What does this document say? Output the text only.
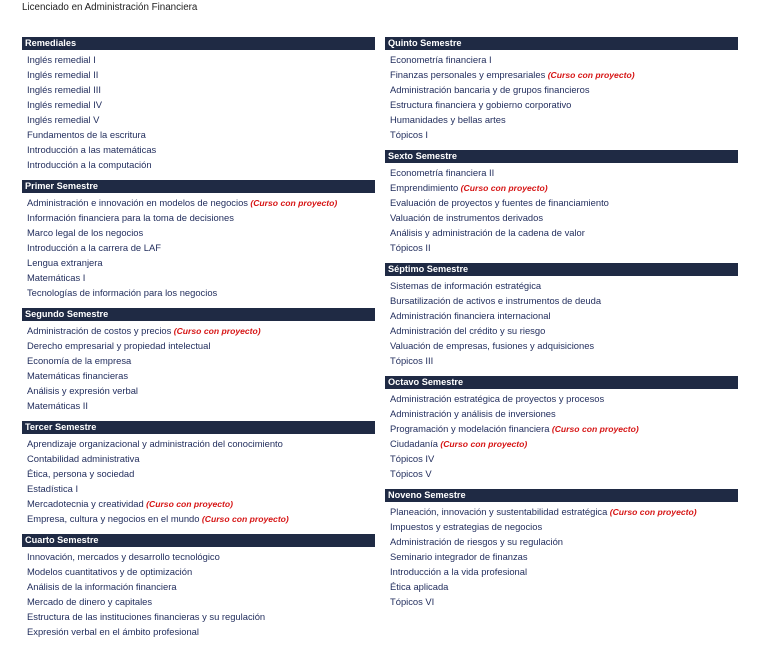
Licenciado en Administración Financiera
Remediales
Inglés remedial I
Inglés remedial II
Inglés remedial III
Inglés remedial IV
Inglés remedial V
Fundamentos de la escritura
Introducción a las matemáticas
Introducción a la computación
Primer Semestre
Administración e innovación en modelos de negocios (Curso con proyecto)
Información financiera para la toma de decisiones
Marco legal de los negocios
Introducción a la carrera de LAF
Lengua extranjera
Matemáticas I
Tecnologías de información para los negocios
Segundo Semestre
Administración de costos y precios (Curso con proyecto)
Derecho empresarial y propiedad intelectual
Economía de la empresa
Matemáticas financieras
Análisis y expresión verbal
Matemáticas II
Tercer Semestre
Aprendizaje organizacional y administración del conocimiento
Contabilidad administrativa
Ética, persona y sociedad
Estadística I
Mercadotecnia y creatividad (Curso con proyecto)
Empresa, cultura y negocios en el mundo (Curso con proyecto)
Cuarto Semestre
Innovación, mercados y desarrollo tecnológico
Modelos cuantitativos y de optimización
Análisis de la información financiera
Mercado de dinero y capitales
Estructura de las instituciones financieras y su regulación
Expresión verbal en el ámbito profesional
Quinto Semestre
Econometría financiera I
Finanzas personales y empresariales (Curso con proyecto)
Administración bancaria y de grupos financieros
Estructura financiera y gobierno corporativo
Humanidades y bellas artes
Tópicos I
Sexto Semestre
Econometría financiera II
Emprendimiento (Curso con proyecto)
Evaluación de proyectos y fuentes de financiamiento
Valuación de instrumentos derivados
Análisis y administración de la cadena de valor
Tópicos II
Séptimo Semestre
Sistemas de información estratégica
Bursatilización de activos e instrumentos de deuda
Administración financiera internacional
Administración del crédito y su riesgo
Valuación de empresas, fusiones y adquisiciones
Tópicos III
Octavo Semestre
Administración estratégica de proyectos y procesos
Administración y análisis de inversiones
Programación y modelación financiera (Curso con proyecto)
Ciudadanía (Curso con proyecto)
Tópicos IV
Tópicos V
Noveno Semestre
Planeación, innovación y sustentabilidad estratégica (Curso con proyecto)
Impuestos y estrategias de negocios
Administración de riesgos y su regulación
Seminario integrador de finanzas
Introducción a la vida profesional
Ética aplicada
Tópicos VI
